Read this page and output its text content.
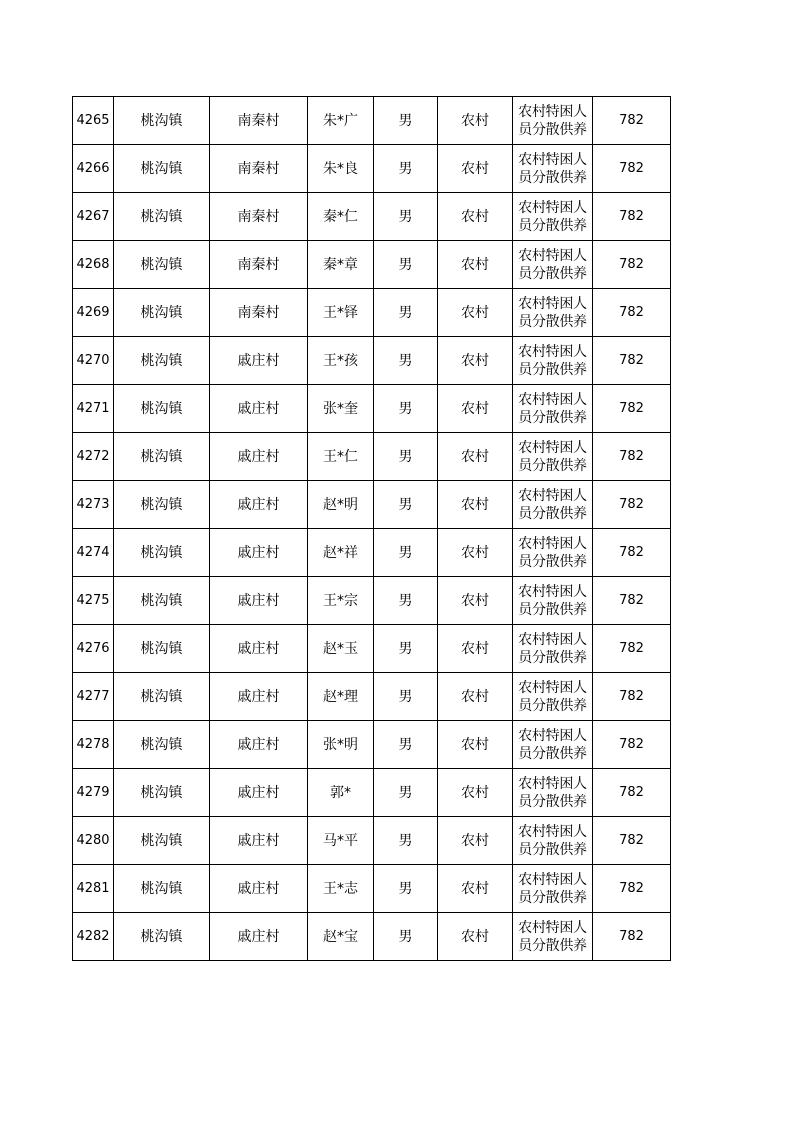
4265	桃沟镇	南秦村	朱*广	男	农村	农村特困人员分散供养	782
4266	桃沟镇	南秦村	朱*良	男	农村	农村特困人员分散供养	782
4267	桃沟镇	南秦村	秦*仁	男	农村	农村特困人员分散供养	782
4268	桃沟镇	南秦村	秦*章	男	农村	农村特困人员分散供养	782
4269	桃沟镇	南秦村	王*铎	男	农村	农村特困人员分散供养	782
4270	桃沟镇	戚庄村	王*孩	男	农村	农村特困人员分散供养	782
4271	桃沟镇	戚庄村	张*奎	男	农村	农村特困人员分散供养	782
4272	桃沟镇	戚庄村	王*仁	男	农村	农村特困人员分散供养	782
4273	桃沟镇	戚庄村	赵*明	男	农村	农村特困人员分散供养	782
4274	桃沟镇	戚庄村	赵*祥	男	农村	农村特困人员分散供养	782
4275	桃沟镇	戚庄村	王*宗	男	农村	农村特困人员分散供养	782
4276	桃沟镇	戚庄村	赵*玉	男	农村	农村特困人员分散供养	782
4277	桃沟镇	戚庄村	赵*理	男	农村	农村特困人员分散供养	782
4278	桃沟镇	戚庄村	张*明	男	农村	农村特困人员分散供养	782
4279	桃沟镇	戚庄村	郭*	男	农村	农村特困人员分散供养	782
4280	桃沟镇	戚庄村	马*平	男	农村	农村特困人员分散供养	782
4281	桃沟镇	戚庄村	王*志	男	农村	农村特困人员分散供养	782
4282	桃沟镇	戚庄村	赵*宝	男	农村	农村特困人员分散供养	782
